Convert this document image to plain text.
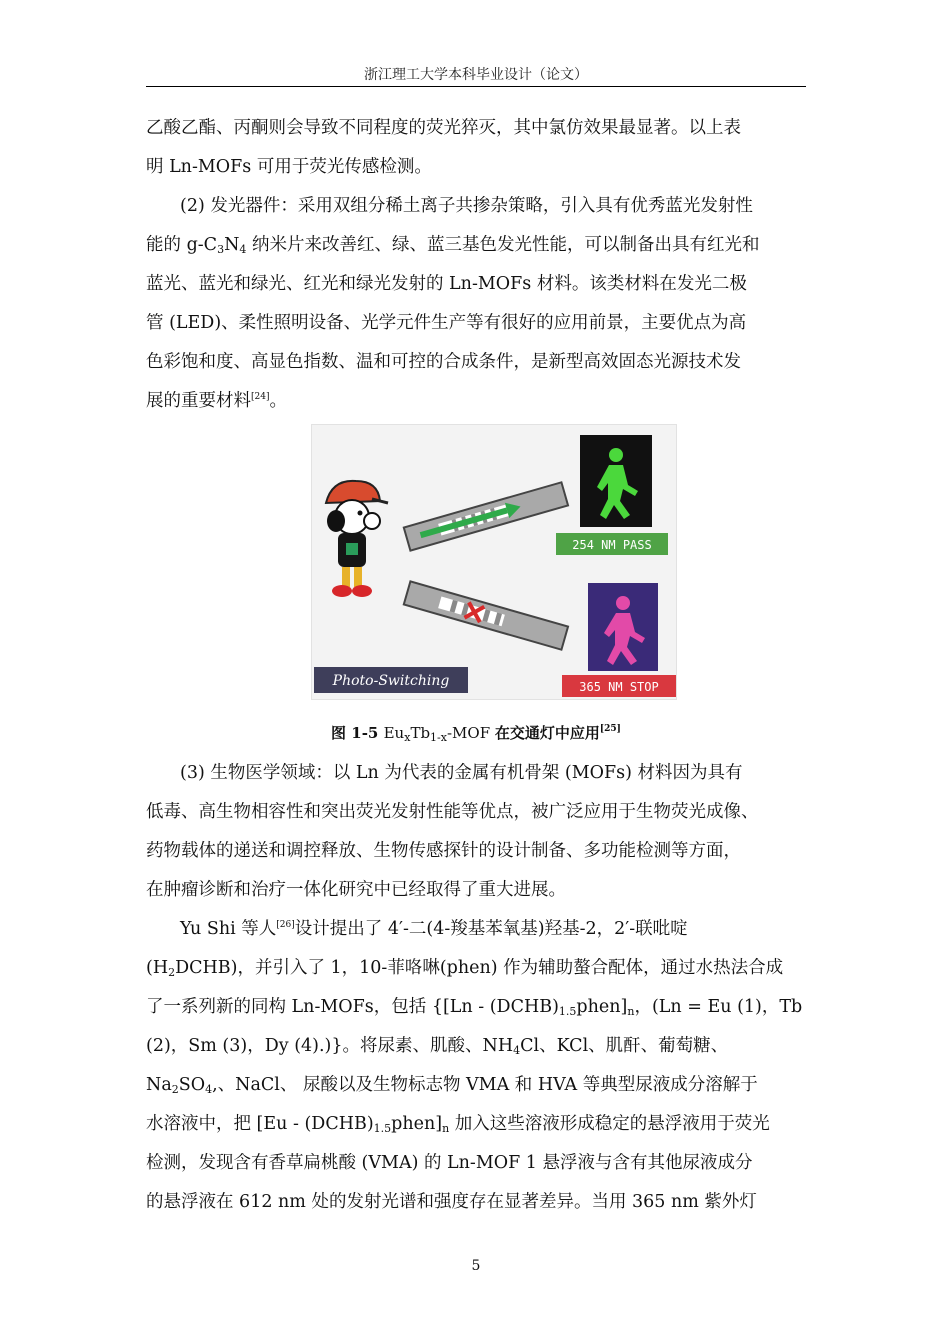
浙江理工大学本科毕业设计（论文）

乙酸乙酯、丙酮则会导致不同程度的荧光猝灭，其中氯仿效果最显著。以上表

明 Ln-MOFs 可用于荧光传感检测。

(2) 发光器件：采用双组分稀土离子共掺杂策略，引入具有优秀蓝光发射性

能的 $g-C_3N_4$ 纳米片来改善红、绿、蓝三基色发光性能，可以制备出具有红光和

蓝光、蓝光和绿光、红光和绿光发射的 Ln-MOFs 材料。该类材料在发光二极

管 (LED)、柔性照明设备、光学元件生产等有很好的应用前景，主要优点为高

色彩饱和度、高显色指数、温和可控的合成条件，是新型高效固态光源技术发

展的重要材料[24]。

254 NM PASS
365 NM STOP
Photo-Switching
图 1-5 $Eu_xTb_{1-x}$-MOF 在交通灯中应用[25]

(3) 生物医学领域：以 Ln 为代表的金属有机骨架 (MOFs) 材料因为具有

低毒、高生物相容性和突出荧光发射性能等优点，被广泛应用于生物荧光成像、

药物载体的递送和调控释放、生物传感探针的设计制备、多功能检测等方面，

在肿瘤诊断和治疗一体化研究中已经取得了重大进展。

Yu Shi 等人[26]设计提出了 4′-二(4-羧基苯氧基)羟基-2，2′-联吡啶

$(H_2DCHB)$，并引入了 1，10-菲咯啉(phen) 作为辅助螯合配体，通过水热法合成

了一系列新的同构 Ln-MOFs，包括 {$[Ln - (DCHB)_{1.5}phen]_n$，(Ln = Eu (1)，Tb

(2)，Sm (3)，Dy (4).)}。将尿素、肌酸、$NH_4Cl$、KCl、肌酐、葡萄糖、

$Na_2SO_4$,、NaCl、 尿酸以及生物标志物 VMA 和 HVA 等典型尿液成分溶解于

水溶液中，把 $[Eu - (DCHB)_{1.5}phen]_n$ 加入这些溶液形成稳定的悬浮液用于荧光

检测，发现含有香草扁桃酸 (VMA) 的 Ln-MOF 1 悬浮液与含有其他尿液成分

的悬浮液在 612 nm 处的发射光谱和强度存在显著差异。当用 365 nm 紫外灯

5
